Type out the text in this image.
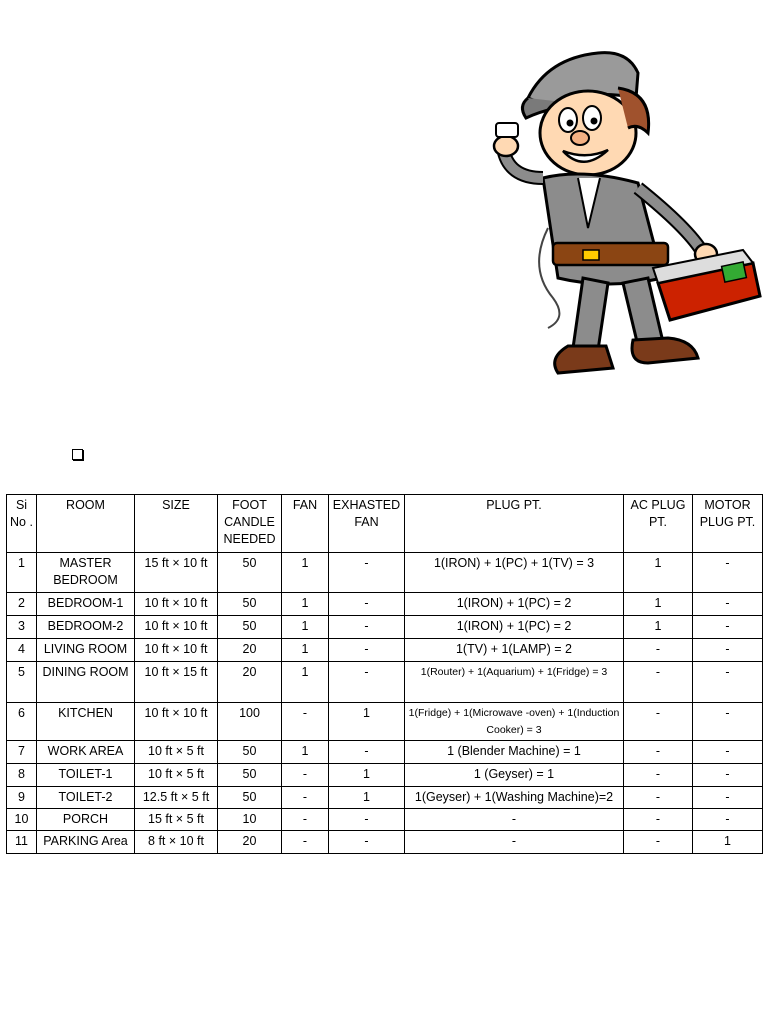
Si No .	ROOM	SIZE	FOOT CANDLE NEEDED	FAN	EXHASTED FAN	PLUG PT.	AC PLUG PT.	MOTOR PLUG PT.
1	MASTER BEDROOM	15 ft × 10 ft	50	1	-	1(IRON) + 1(PC) + 1(TV) = 3	1	-
2	BEDROOM-1	10 ft × 10 ft	50	1	-	1(IRON) + 1(PC) = 2	1	-
3	BEDROOM-2	10 ft × 10 ft	50	1	-	1(IRON) + 1(PC) = 2	1	-
4	LIVING ROOM	10 ft × 10 ft	20	1	-	1(TV) + 1(LAMP) = 2	-	-
5	DINING ROOM	10 ft × 15 ft	20	1	-	1(Router) + 1(Aquarium) + 1(Fridge) = 3	-	-
6	KITCHEN	10 ft × 10 ft	100	-	1	1(Fridge) + 1(Microwave -oven) + 1(Induction Cooker) = 3	-	-
7	WORK AREA	10 ft × 5 ft	50	1	-	1 (Blender Machine) = 1	-	-
8	TOILET-1	10 ft × 5 ft	50	-	1	1 (Geyser) = 1	-	-
9	TOILET-2	12.5 ft × 5 ft	50	-	1	1(Geyser) + 1(Washing Machine)=2	-	-
10	PORCH	15 ft × 5 ft	10	-	-	-	-	-
11	PARKING Area	8 ft × 10 ft	20	-	-	-	-	1
